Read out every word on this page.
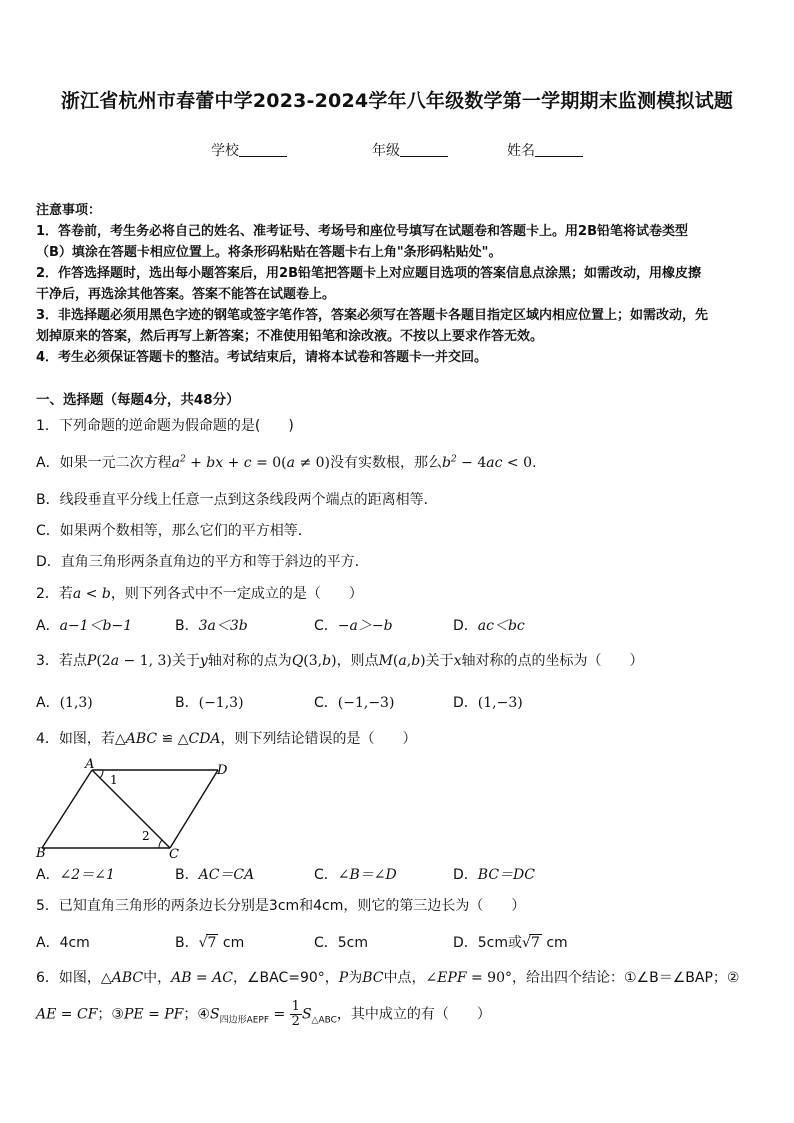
浙江省杭州市春蕾中学2023-2024学年八年级数学第一学期期末监测模拟试题
学校	年级	姓名

注意事项：

1．答卷前，考生务必将自己的姓名、准考证号、考场号和座位号填写在试题卷和答题卡上。用2B铅笔将试卷类型

（B）填涂在答题卡相应位置上。将条形码粘贴在答题卡右上角"条形码粘贴处"。

2．作答选择题时，选出每小题答案后，用2B铅笔把答题卡上对应题目选项的答案信息点涂黑；如需改动，用橡皮擦

干净后，再选涂其他答案。答案不能答在试题卷上。

3．非选择题必须用黑色字迹的钢笔或签字笔作答，答案必须写在答题卡各题目指定区域内相应位置上；如需改动，先

划掉原来的答案，然后再写上新答案；不准使用铅笔和涂改液。不按以上要求作答无效。

4．考生必须保证答题卡的整洁。考试结束后，请将本试卷和答题卡一并交回。

一、选择题（每题4分，共48分）
1．下列命题的逆命题为假命题的是(　　)
A．如果一元二次方程$a^2$ + bx + c = 0(a ≠ 0)没有实数根，那么$b^2 - 4ac < 0$.
B．线段垂直平分线上任意一点到这条线段两个端点的距离相等．
C．如果两个数相等，那么它们的平方相等．
D．直角三角形两条直角边的平方和等于斜边的平方．
2．若a < b，则下列各式中不一定成立的是（　　）
A．a−1＜b−1	B．3a＜3b	C．−a＞−b	D．ac＜bc
3．若点P(2a − 1, 3)关于y轴对称的点为Q(3,b)，则点M(a,b)关于x轴对称的点的坐标为（　　）
A．(1,3)	B．(−1,3)	C．(−1,−3)	D．(1,−3)
4．如图，若△ABC ≌ △CDA，则下列结论错误的是（　　）
A	D
B	C
1
2
A．∠2＝∠1	B．AC＝CA	C．∠B＝∠D	D．BC＝DC
5．已知直角三角形的两条边长分别是3cm和4cm，则它的第三边长为（　　）
A．4cm	B．√7 cm	C．5cm	D．5cm或√7 cm
6．如图，△ABC中，AB = AC，∠BAC=90°，P为BC中点，∠EPF = 90°，给出四个结论：①∠B＝∠BAP；②
AE = CF；③PE = PF；$④S_{四边形AEPF} = \frac{1}{2} S_{\triangle ABC}$，其中成立的有（　　）
